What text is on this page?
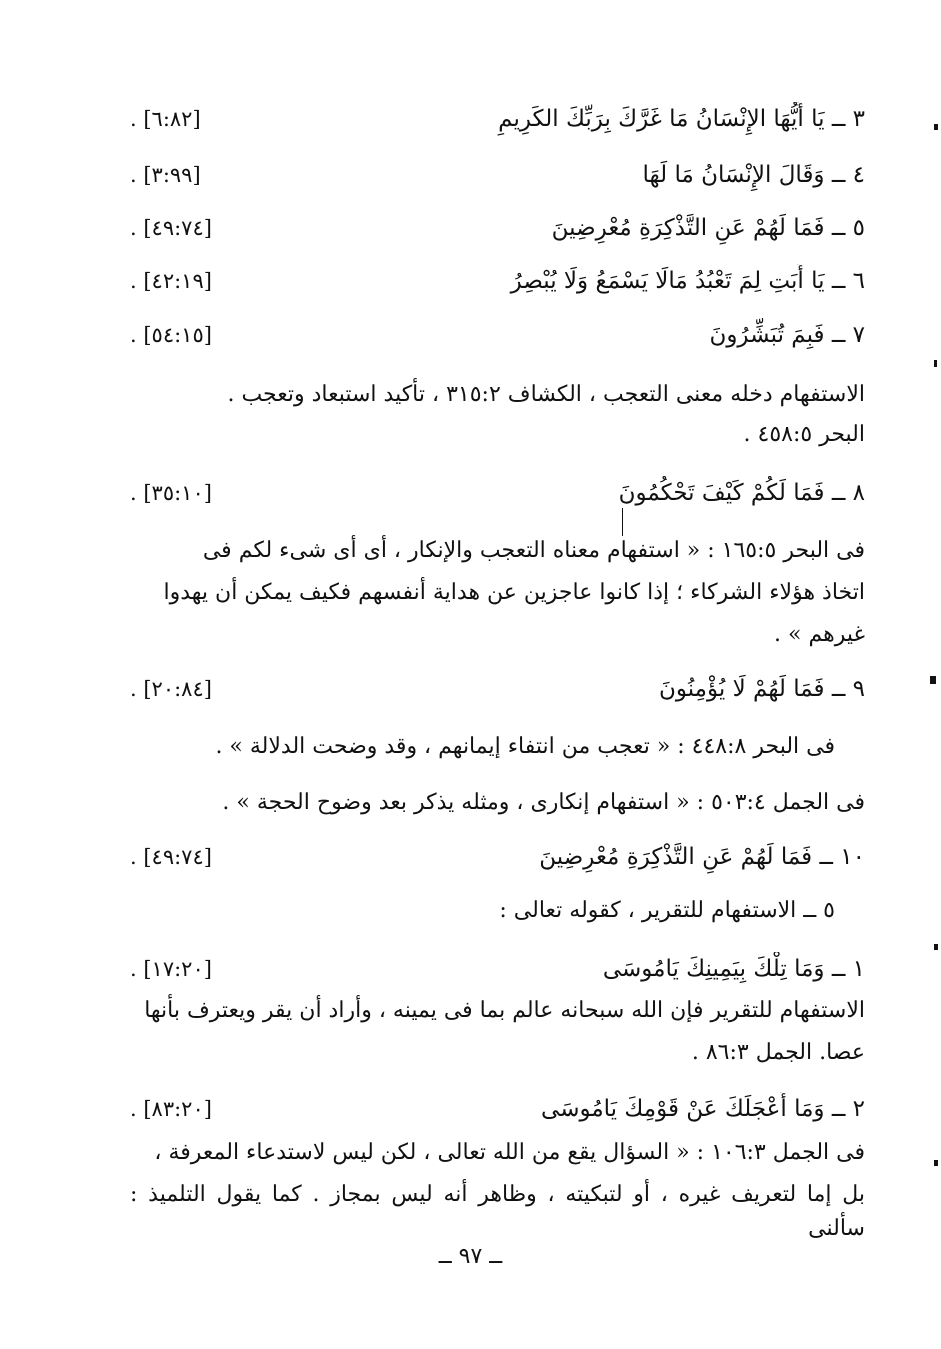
٣ ــ يَا أَيُّهَا الإِنْسَانُ مَا غَرَّكَ بِرَبِّكَ الكَرِيمِ
[٦:٨٢] .
٤ ــ وَقَالَ الإِنْسَانُ مَا لَهَا
[٣:٩٩] .
٥ ــ فَمَا لَهُمْ عَنِ التَّذْكِرَةِ مُعْرِضِينَ
[٤٩:٧٤] .
٦ ــ يَا أَبَتِ لِمَ تَعْبُدُ مَالَا يَسْمَعُ وَلَا يُبْصِرُ
[٤٢:١٩] .
٧ ــ فَبِمَ تُبَشِّرُونَ
[٥٤:١٥] .
الاستفهام دخله معنى التعجب ، الكشاف ٣١٥:٢ ، تأكيد استبعاد وتعجب .
البحر ٤٥٨:٥ .
٨ ــ فَمَا لَكُمْ كَيْفَ تَحْكُمُونَ
[٣٥:١٠] .
فى البحر ١٦٥:٥ : « استفهام معناه التعجب والإنكار ، أى أى شىء لكم فى
اتخاذ هؤلاء الشركاء ؛ إذا كانوا عاجزين عن هداية أنفسهم فكيف يمكن أن يهدوا
غيرهم » .
٩ ــ فَمَا لَهُمْ لَا يُؤْمِنُونَ
[٢٠:٨٤] .
فى البحر ٤٤٨:٨ : « تعجب من انتفاء إيمانهم ، وقد وضحت الدلالة » .
فى الجمل ٥٠٣:٤ : « استفهام إنكارى ، ومثله يذكر بعد وضوح الحجة » .
١٠ ــ فَمَا لَهُمْ عَنِ التَّذْكِرَةِ مُعْرِضِينَ
[٤٩:٧٤] .
٥ ــ الاستفهام للتقرير ، كقوله تعالى :
١ ــ وَمَا تِلْكَ بِيَمِينِكَ يَامُوسَى
[١٧:٢٠] .
الاستفهام للتقرير فإن الله سبحانه عالم بما فى يمينه ، وأراد أن يقر ويعترف بأنها
عصا. الجمل ٨٦:٣ .
٢ ــ وَمَا أَعْجَلَكَ عَنْ قَوْمِكَ يَامُوسَى
[٨٣:٢٠] .
فى الجمل ١٠٦:٣ : « السؤال يقع من الله تعالى ، لكن ليس لاستدعاء المعرفة ،
بل إما لتعريف غيره ، أو لتبكيته ، وظاهر أنه ليس بمجاز . كما يقول التلميذ : سألنى
ــ ٩٧ ــ
